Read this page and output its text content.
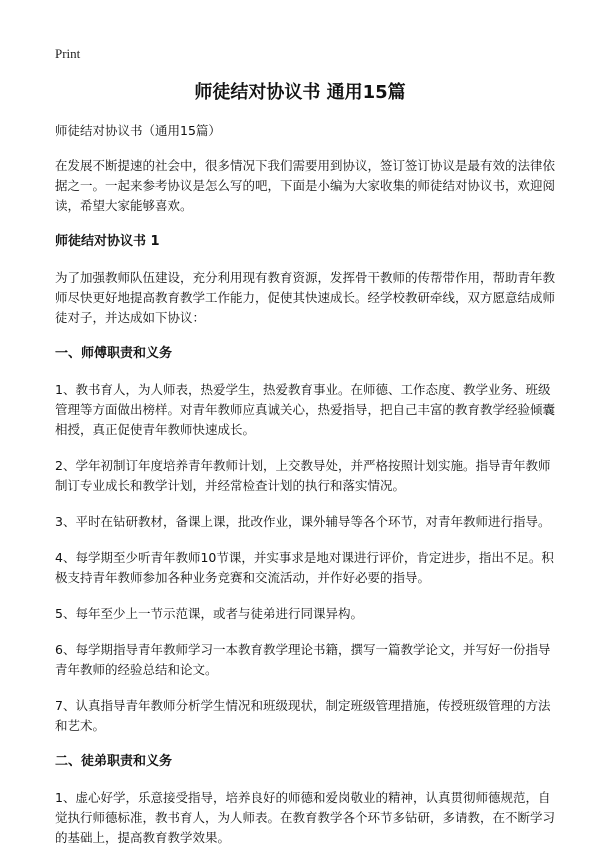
Print
师徒结对协议书 通用15篇

师徒结对协议书（通用15篇）

在发展不断提速的社会中，很多情况下我们需要用到协议，签订签订协议是最有效的法律依据之一。一起来参考协议是怎么写的吧，下面是小编为大家收集的师徒结对协议书，欢迎阅读，希望大家能够喜欢。

师徒结对协议书 1

为了加强教师队伍建设，充分利用现有教育资源，发挥骨干教师的传帮带作用，帮助青年教师尽快更好地提高教育教学工作能力，促使其快速成长。经学校教研牵线，双方愿意结成师徒对子，并达成如下协议：

一、师傅职责和义务

1、教书育人，为人师表，热爱学生，热爱教育事业。在师德、工作态度、教学业务、班级管理等方面做出榜样。对青年教师应真诚关心，热爱指导，把自己丰富的教育教学经验倾囊相授，真正促使青年教师快速成长。

2、学年初制订年度培养青年教师计划，上交教导处，并严格按照计划实施。指导青年教师制订专业成长和教学计划，并经常检查计划的执行和落实情况。

3、平时在钻研教材，备课上课，批改作业，课外辅导等各个环节，对青年教师进行指导。

4、每学期至少听青年教师10节课，并实事求是地对课进行评价，肯定进步，指出不足。积极支持青年教师参加各种业务竞赛和交流活动，并作好必要的指导。

5、每年至少上一节示范课，或者与徒弟进行同课异构。

6、每学期指导青年教师学习一本教育教学理论书籍，撰写一篇教学论文，并写好一份指导青年教师的经验总结和论文。

7、认真指导青年教师分析学生情况和班级现状，制定班级管理措施，传授班级管理的方法和艺术。

二、徒弟职责和义务

1、虚心好学，乐意接受指导，培养良好的师德和爱岗敬业的精神，认真贯彻师德规范，自觉执行师德标准，教书育人，为人师表。在教育教学各个环节多钻研，多请教，在不断学习的基础上，提高教育教学效果。
